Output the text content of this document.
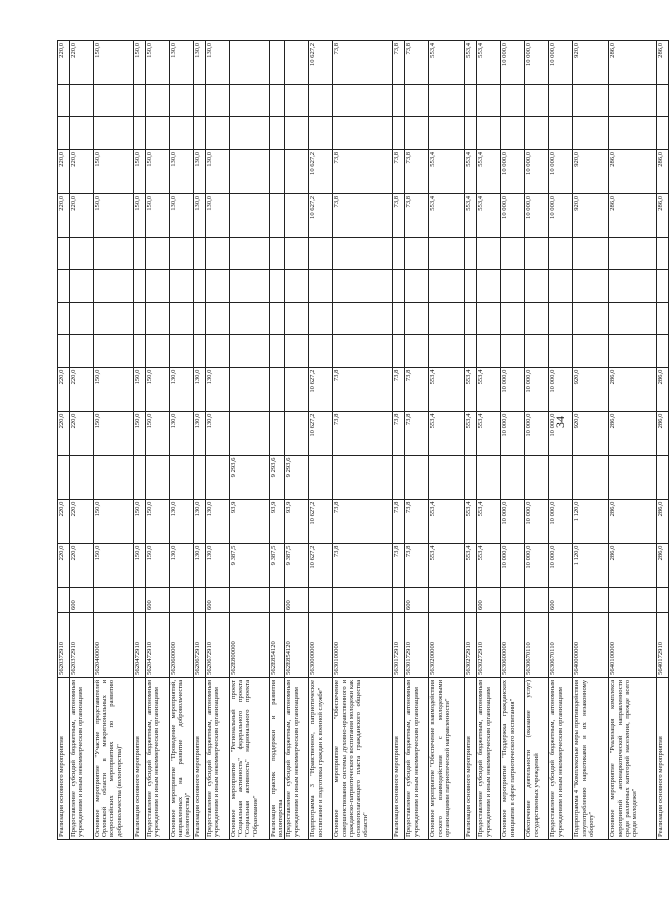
Реализация основного мероприятия	5620372910		220,0	220,0		220,0	220,0					220,0	220,0			220,0
Предоставление субсидий бюджетным, автономным учреждениям и иным некоммерческим организациям	5620372910	600	220,0	220,0		220,0	220,0					220,0	220,0			220,0
Основное мероприятие "Участие представителей Орловской области в межрегиональных и всероссийских мероприятиях по развитию добровольчества (волонтерства)"	5620400000		150,0	150,0		150,0	150,0					150,0	150,0			150,0
Реализация основного мероприятия	5620472910		150,0	150,0		150,0	150,0					150,0	150,0			150,0
Предоставление субсидий бюджетным, автономным учреждениям и иным некоммерческим организациям	5620472910	600	150,0	150,0		150,0	150,0					150,0	150,0			150,0
Основное мероприятие "Проведение мероприятий, направленных на развитие добровольчества (волонтерства)"	5620600000		130,0	130,0		130,0	130,0					130,0	130,0			130,0
Реализация основного мероприятия	5620672910		130,0	130,0		130,0	130,0					130,0	130,0			130,0
Предоставление субсидий бюджетным, автономным учреждениям и иным некоммерческим организациям	5620672910	600	130,0	130,0		130,0	130,0					130,0	130,0			130,0
Основное мероприятие "Региональный проект "Социальная активность" федерального проекта "Социальная активность" национального проекта "Образование"	562E800000		9 387,5	93,9	9 293,6											
Реализация практик поддержки и развития волонтерства	562E854120		9 387,5	93,9	9 293,6											
Предоставление субсидий бюджетным, автономным учреждениям и иным некоммерческим организациям	562E854120	600	9 387,5	93,9	9 293,6											
Подпрограмма 3 "Нравственное, патриотическое воспитание и подготовка граждан к военной службе"	5630000000		10 627,2	10 627,2		10 627,2	10 627,2					10 627,2	10 627,2			10 627,2
Основное мероприятие "Обеспечение совершенствования системы духовно-нравственного и гражданско-патриотического воспитания молодежи как основополагающего пласта гражданского общества области"	5630100000		73,8	73,8		73,8	73,8					73,8	73,8			73,8
Реализация основного мероприятия	5630172910		73,8	73,8		73,8	73,8					73,8	73,8			73,8
Предоставление субсидий бюджетным, автономным учреждениям и иным некоммерческим организациям	5630172910	600	73,8	73,8		73,8	73,8					73,8	73,8			73,8
Основное мероприятие "Обеспечение взаимодействия гоского взаимодействия с молодежными организациями патриотической направленности"	5630200000		553,4	553,4		553,4	553,4					553,4	553,4			553,4
Реализация основного мероприятия	5630272910		553,4	553,4		553,4	553,4					553,4	553,4			553,4
Предоставление субсидий бюджетным, автономным учреждениям и иным некоммерческим организациям	5630272910	600	553,4	553,4		553,4	553,4					553,4	553,4			553,4
Основное мероприятие "Поддержка гражданских инициатив в сфере патриотического воспитания"	5630600000		10 000,0	10 000,0		10 000,0	10 000,0					10 000,0	10 000,0			10 000,0
Обеспечение деятельности (оказание услуг) государственных учреждений	5630670110		10 000,0	10 000,0		10 000,0	10 000,0					10 000,0	10 000,0			10 000,0
Предоставление субсидий бюджетным, автономным учреждениям и иным некоммерческим организациям	5630670110	600	10 000,0	10 000,0		10 000,0	10 000,0					10 000,0	10 000,0			10 000,0
Подпрограмма 4 "Комплексные меры противодействия злоупотреблению наркотиками и их незаконному обороту"	5640000000		1 120,0	1 120,0		920,0	920,0					920,0	920,0			920,0
Основное мероприятие "Реализация комплекса мероприятий антинаркотической направленности среди различных категорий населения, прежде всего среди молодежи"	5640100000		286,0	286,0		286,0	286,0					286,0	286,0			286,0
Реализация основного мероприятия	5640172910		286,0	286,0		286,0	286,0					286,0	286,0			286,0
34
